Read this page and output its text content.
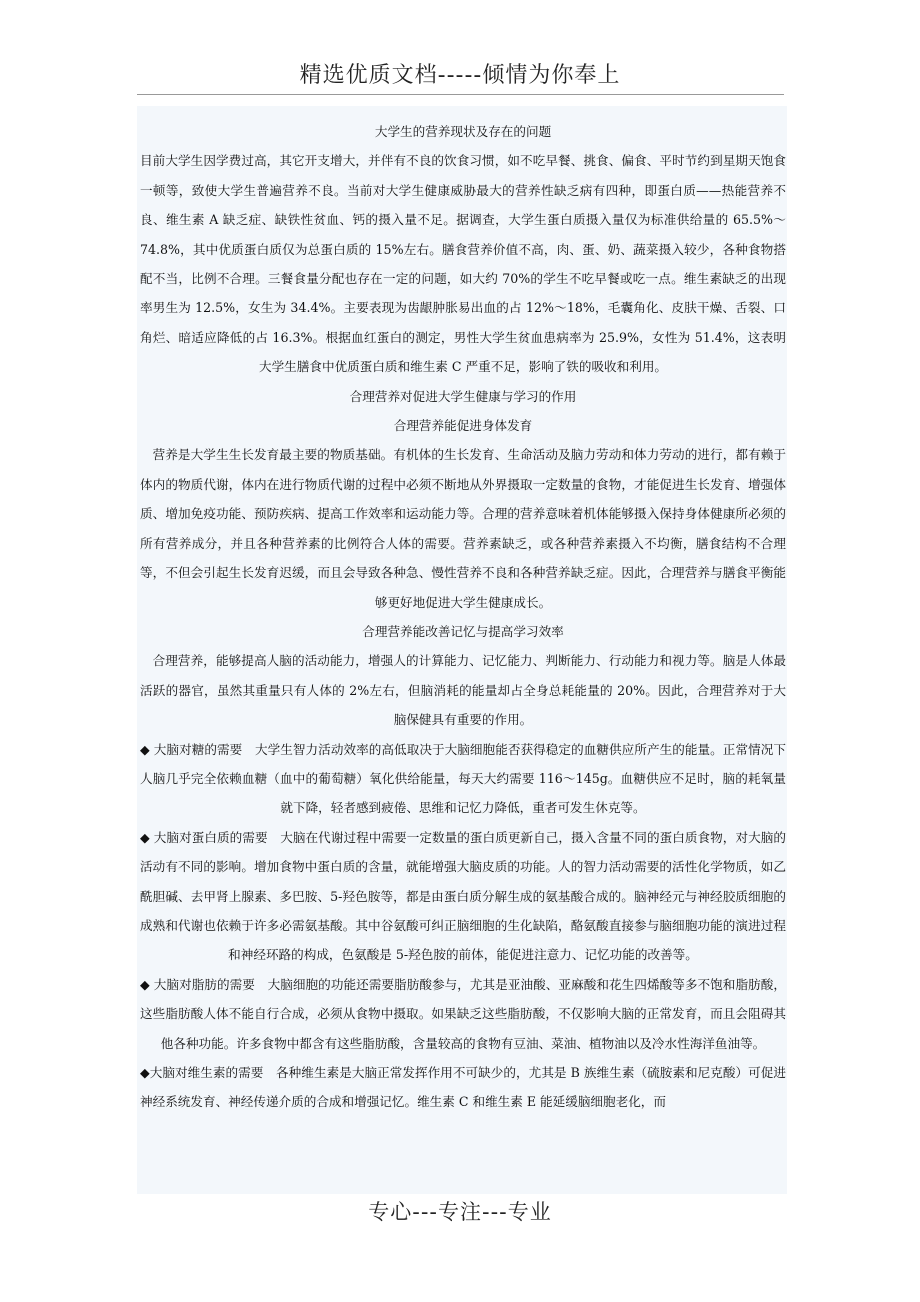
精选优质文档-----倾情为你奉上

大学生的营养现状及存在的问题

目前大学生因学费过高，其它开支增大，并伴有不良的饮食习惯，如不吃早餐、挑食、偏食、平时节约到星期天饱食一顿等，致使大学生普遍营养不良。当前对大学生健康威胁最大的营养性缺乏病有四种，即蛋白质——热能营养不良、维生素 A 缺乏症、缺铁性贫血、钙的摄入量不足。据调查，大学生蛋白质摄入量仅为标准供给量的 65.5%～74.8%，其中优质蛋白质仅为总蛋白质的 15%左右。膳食营养价值不高，肉、蛋、奶、蔬菜摄入较少，各种食物搭配不当，比例不合理。三餐食量分配也存在一定的问题，如大约 70%的学生不吃早餐或吃一点。维生素缺乏的出现率男生为 12.5%，女生为 34.4%。主要表现为齿龈肿胀易出血的占 12%～18%，毛囊角化、皮肤干燥、舌裂、口角烂、暗适应降低的占 16.3%。根据血红蛋白的测定，男性大学生贫血患病率为 25.9%，女性为 51.4%，这表明大学生膳食中优质蛋白质和维生素 C 严重不足，影响了铁的吸收和利用。

合理营养对促进大学生健康与学习的作用

合理营养能促进身体发育

营养是大学生生长发育最主要的物质基础。有机体的生长发育、生命活动及脑力劳动和体力劳动的进行，都有赖于体内的物质代谢，体内在进行物质代谢的过程中必须不断地从外界摄取一定数量的食物，才能促进生长发育、增强体质、增加免疫功能、预防疾病、提高工作效率和运动能力等。合理的营养意味着机体能够摄入保持身体健康所必须的所有营养成分，并且各种营养素的比例符合人体的需要。营养素缺乏，或各种营养素摄入不均衡，膳食结构不合理等，不但会引起生长发育迟缓，而且会导致各种急、慢性营养不良和各种营养缺乏症。因此，合理营养与膳食平衡能够更好地促进大学生健康成长。

合理营养能改善记忆与提高学习效率

合理营养，能够提高人脑的活动能力，增强人的计算能力、记忆能力、判断能力、行动能力和视力等。脑是人体最活跃的器官，虽然其重量只有人体的 2%左右，但脑消耗的能量却占全身总耗能量的 20%。因此，合理营养对于大脑保健具有重要的作用。

◆ 大脑对糖的需要　大学生智力活动效率的高低取决于大脑细胞能否获得稳定的血糖供应所产生的能量。正常情况下人脑几乎完全依赖血糖（血中的葡萄糖）氧化供给能量，每天大约需要 116～145g。血糖供应不足时，脑的耗氧量就下降，轻者感到疲倦、思维和记忆力降低，重者可发生休克等。

◆ 大脑对蛋白质的需要　大脑在代谢过程中需要一定数量的蛋白质更新自己，摄入含量不同的蛋白质食物，对大脑的活动有不同的影响。增加食物中蛋白质的含量，就能增强大脑皮质的功能。人的智力活动需要的活性化学物质，如乙酰胆碱、去甲肾上腺素、多巴胺、5-羟色胺等，都是由蛋白质分解生成的氨基酸合成的。脑神经元与神经胶质细胞的成熟和代谢也依赖于许多必需氨基酸。其中谷氨酸可纠正脑细胞的生化缺陷，酪氨酸直接参与脑细胞功能的演进过程和神经环路的构成，色氨酸是 5-羟色胺的前体，能促进注意力、记忆功能的改善等。

◆ 大脑对脂肪的需要　大脑细胞的功能还需要脂肪酸参与，尤其是亚油酸、亚麻酸和花生四烯酸等多不饱和脂肪酸，这些脂肪酸人体不能自行合成，必须从食物中摄取。如果缺乏这些脂肪酸，不仅影响大脑的正常发育，而且会阻碍其他各种功能。许多食物中都含有这些脂肪酸，含量较高的食物有豆油、菜油、植物油以及冷水性海洋鱼油等。

◆大脑对维生素的需要　各种维生素是大脑正常发挥作用不可缺少的，尤其是 B 族维生素（硫胺素和尼克酸）可促进神经系统发育、神经传递介质的合成和增强记忆。维生素 C 和维生素 E 能延缓脑细胞老化，而

专心---专注---专业
